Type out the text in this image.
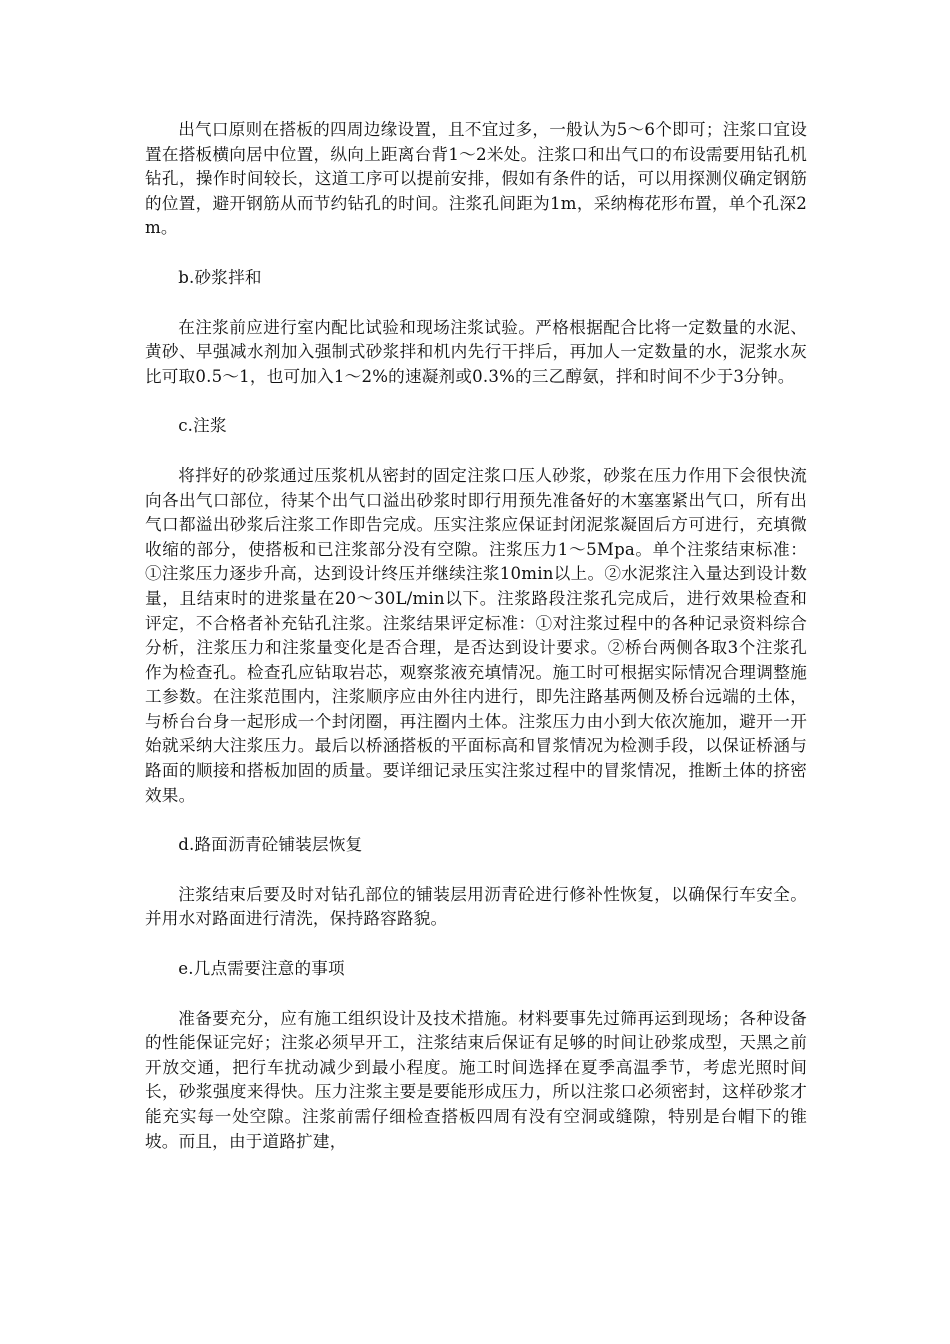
出气口原则在搭板的四周边缘设置，且不宜过多，一般认为5～6个即可；注浆口宜设置在搭板横向居中位置，纵向上距离台背1～2米处。注浆口和出气口的布设需要用钻孔机钻孔，操作时间较长，这道工序可以提前安排，假如有条件的话，可以用探测仪确定钢筋的位置，避开钢筋从而节约钻孔的时间。注浆孔间距为1m，采纳梅花形布置，单个孔深2m。

b.砂浆拌和

在注浆前应进行室内配比试验和现场注浆试验。严格根据配合比将一定数量的水泥、黄砂、早强减水剂加入强制式砂浆拌和机内先行干拌后，再加人一定数量的水，泥浆水灰比可取0.5～1，也可加入1～2%的速凝剂或0.3%的三乙醇氨，拌和时间不少于3分钟。

c.注浆

将拌好的砂浆通过压浆机从密封的固定注浆口压人砂浆，砂浆在压力作用下会很快流向各出气口部位，待某个出气口溢出砂浆时即行用预先准备好的木塞塞紧出气口，所有出气口都溢出砂浆后注浆工作即告完成。压实注浆应保证封闭泥浆凝固后方可进行，充填微收缩的部分，使搭板和已注浆部分没有空隙。注浆压力1～5Mpa。单个注浆结束标准：①注浆压力逐步升高，达到设计终压并继续注浆10min以上。②水泥浆注入量达到设计数量，且结束时的进浆量在20～30L/min以下。注浆路段注浆孔完成后，进行效果检查和评定，不合格者补充钻孔注浆。注浆结果评定标准：①对注浆过程中的各种记录资料综合分析，注浆压力和注浆量变化是否合理，是否达到设计要求。②桥台两侧各取3个注浆孔作为检查孔。检查孔应钻取岩芯，观察浆液充填情况。施工时可根据实际情况合理调整施工参数。在注浆范围内，注浆顺序应由外往内进行，即先注路基两侧及桥台远端的土体，与桥台台身一起形成一个封闭圈，再注圈内土体。注浆压力由小到大依次施加，避开一开始就采纳大注浆压力。最后以桥涵搭板的平面标高和冒浆情况为检测手段，以保证桥涵与路面的顺接和搭板加固的质量。要详细记录压实注浆过程中的冒浆情况，推断土体的挤密效果。

d.路面沥青砼铺装层恢复

注浆结束后要及时对钻孔部位的铺装层用沥青砼进行修补性恢复，以确保行车安全。并用水对路面进行清洗，保持路容路貌。

e.几点需要注意的事项

准备要充分，应有施工组织设计及技术措施。材料要事先过筛再运到现场；各种设备的性能保证完好；注浆必须早开工，注浆结束后保证有足够的时间让砂浆成型，天黑之前开放交通，把行车扰动减少到最小程度。施工时间选择在夏季高温季节，考虑光照时间长，砂浆强度来得快。压力注浆主要是要能形成压力，所以注浆口必须密封，这样砂浆才能充实每一处空隙。注浆前需仔细检查搭板四周有没有空洞或缝隙，特别是台帽下的锥坡。而且，由于道路扩建，
